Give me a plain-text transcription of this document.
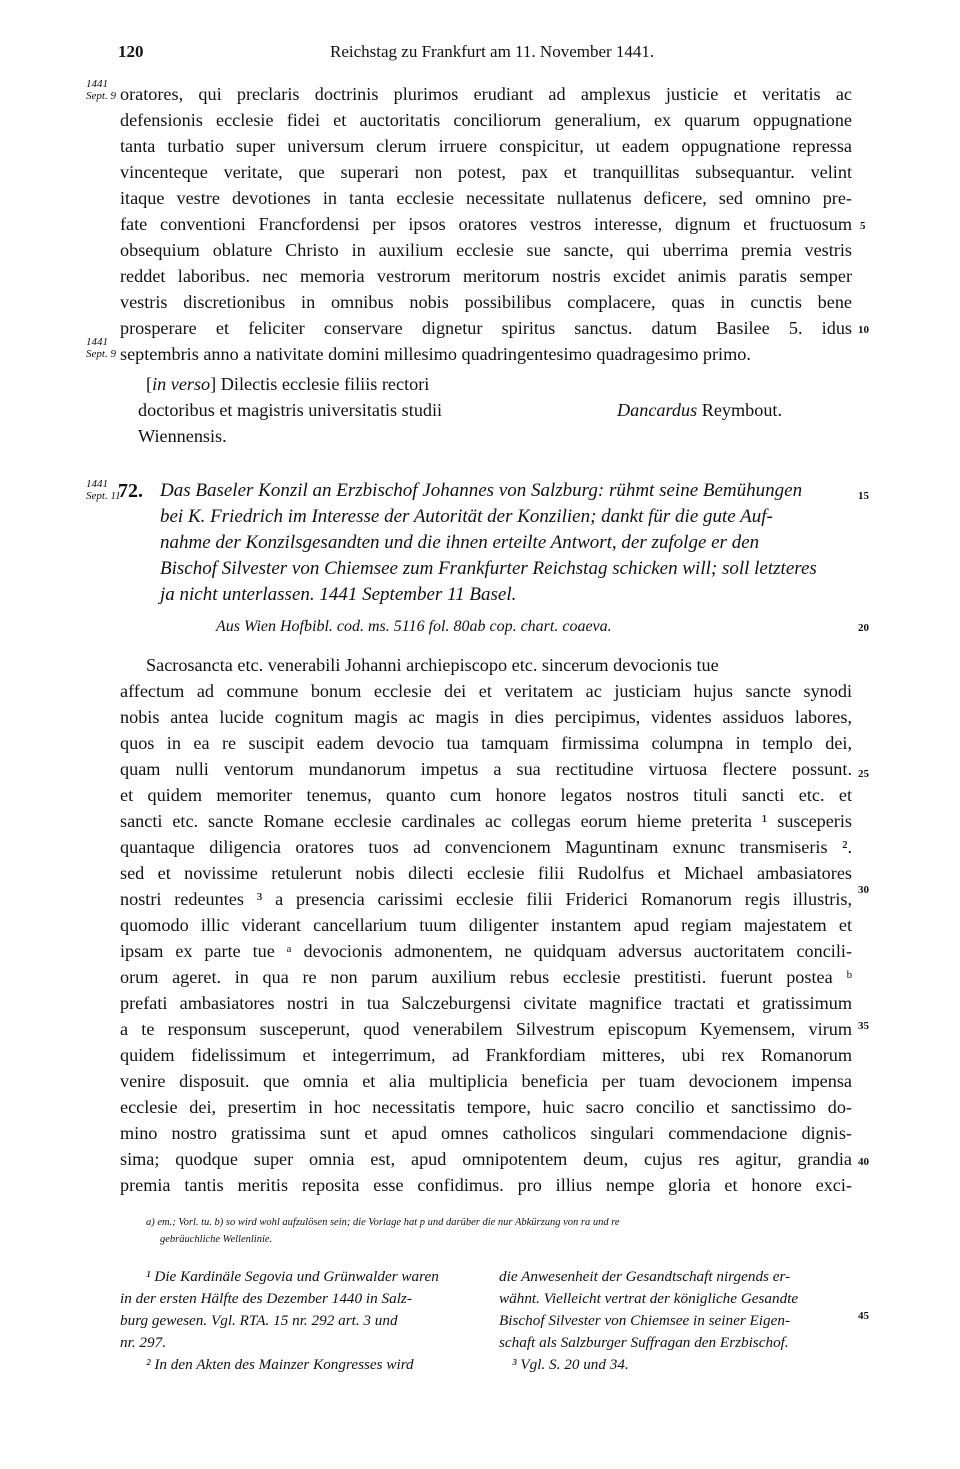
120	Reichstag zu Frankfurt am 11. November 1441.
1441
Sept. 9
1441
Sept. 9
1441
Sept. 11
5
10
15
20
25
30
35
40
45
oratores, qui preclaris doctrinis plurimos erudiant ad amplexus justicie et veritatis ac
defensionis ecclesie fidei et auctoritatis conciliorum generalium, ex quarum oppugnatione
tanta turbatio super universum clerum irruere conspicitur, ut eadem oppugnatione repressa
vincenteque veritate, que superari non potest, pax et tranquillitas subsequantur. velint
itaque vestre devotiones in tanta ecclesie necessitate nullatenus deficere, sed omnino pre-
fate conventioni Francfordensi per ipsos oratores vestros interesse, dignum et fructuosum
obsequium oblature Christo in auxilium ecclesie sue sancte, qui uberrima premia vestris
reddet laboribus. nec memoria vestrorum meritorum nostris excidet animis paratis semper
vestris discretionibus in omnibus nobis possibilibus complacere, quas in cunctis bene
prosperare et feliciter conservare dignetur spiritus sanctus. datum Basilee 5. idus
septembris anno a nativitate domini millesimo quadringentesimo quadragesimo primo.
[in verso] Dilectis ecclesie filiis rectori
doctoribus et magistris universitatis studii
Wiennensis.
Dancardus Reymbout.
72. Das Baseler Konzil an Erzbischof Johannes von Salzburg: rühmt seine Bemühungen
bei K. Friedrich im Interesse der Autorität der Konzilien; dankt für die gute Auf-
nahme der Konzilsgesandten und die ihnen erteilte Antwort, der zufolge er den
Bischof Silvester von Chiemsee zum Frankfurter Reichstag schicken will; soll letzteres
ja nicht unterlassen. 1441 September 11 Basel.
Aus Wien Hofbibl. cod. ms. 5116 fol. 80ab cop. chart. coaeva.
Sacrosancta etc. venerabili Johanni archiepiscopo etc. sincerum devocionis tue
affectum ad commune bonum ecclesie dei et veritatem ac justiciam hujus sancte synodi
nobis antea lucide cognitum magis ac magis in dies percipimus, videntes assiduos labores,
quos in ea re suscipit eadem devocio tua tamquam firmissima columpna in templo dei,
quam nulli ventorum mundanorum impetus a sua rectitudine virtuosa flectere possunt.
et quidem memoriter tenemus, quanto cum honore legatos nostros tituli sancti etc. et
sancti etc. sancte Romane ecclesie cardinales ac collegas eorum hieme preterita ¹ susceperis
quantaque diligencia oratores tuos ad convencionem Maguntinam exnunc transmiseris ².
sed et novissime retulerunt nobis dilecti ecclesie filii Rudolfus et Michael ambasiatores
nostri redeuntes ³ a presencia carissimi ecclesie filii Friderici Romanorum regis illustris,
quomodo illic viderant cancellarium tuum diligenter instantem apud regiam majestatem et
ipsam ex parte tue ᵃ devocionis admonentem, ne quidquam adversus auctoritatem concili-
orum ageret. in qua re non parum auxilium rebus ecclesie prestitisti. fuerunt postea ᵇ
prefati ambasiatores nostri in tua Salczeburgensi civitate magnifice tractati et gratissimum
a te responsum susceperunt, quod venerabilem Silvestrum episcopum Kyemensem, virum
quidem fidelissimum et integerrimum, ad Frankfordiam mitteres, ubi rex Romanorum
venire disposuit. que omnia et alia multiplicia beneficia per tuam devocionem impensa
ecclesie dei, presertim in hoc necessitatis tempore, huic sacro concilio et sanctissimo do-
mino nostro gratissima sunt et apud omnes catholicos singulari commendacione dignis-
sima; quodque super omnia est, apud omnipotentem deum, cujus res agitur, grandia
premia tantis meritis reposita esse confidimus. pro illius nempe gloria et honore exci-
a) em.; Vorl. tu. b) so wird wohl aufzulösen sein; die Vorlage hat p und darüber die nur Abkürzung von ra und re
gebräuchliche Wellenlinie.
¹ Die Kardinäle Segovia und Grünwalder waren
in der ersten Hälfte des Dezember 1440 in Salz-
burg gewesen. Vgl. RTA. 15 nr. 292 art. 3 und
nr. 297.
² In den Akten des Mainzer Kongresses wird
die Anwesenheit der Gesandtschaft nirgends er-
wähnt. Vielleicht vertrat der königliche Gesandte
Bischof Silvester von Chiemsee in seiner Eigen-
schaft als Salzburger Suffragan den Erzbischof.
³ Vgl. S. 20 und 34.
